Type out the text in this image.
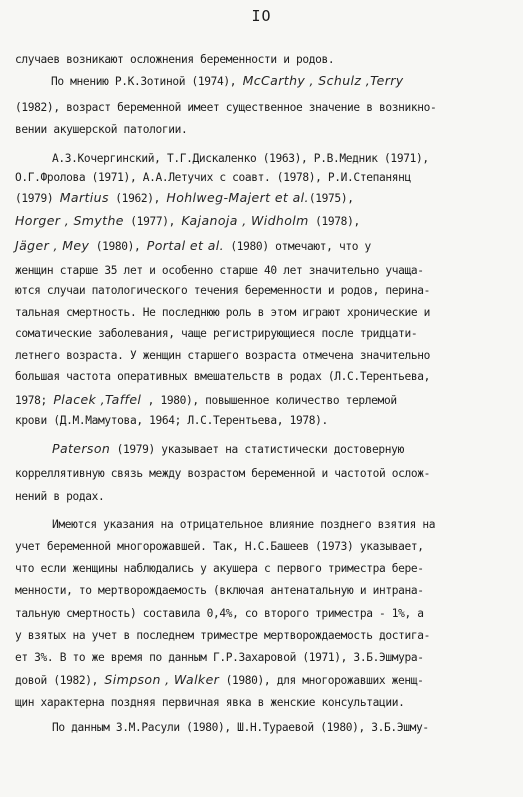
IO
случаев возникают осложнения беременности и родов.
По мнению Р.К.Зотиной (1974), McCarthy , Schulz ,Terry
(1982), возраст беременной имеет существенное значение в возникно-
вении акушерской патологии.
А.З.Кочергинский, Т.Г.Дискаленко (1963), Р.В.Медник (1971),
О.Г.Фролова (1971), А.А.Летучих с соавт. (1978), Р.И.Степанянц
(1979) Martius (1962), Hohlweg-Majert et al.(1975),
Horger , Smythe (1977), Kajanoja , Widholm (1978),
Jäger , Mey (1980), Portal et al. (1980) отмечают, что у
женщин старше 35 лет и особенно старше 40 лет значительно учаща-
ются случаи патологического течения беременности и родов, перина-
тальная смертность. Не последнюю роль в этом играют хронические и
соматические заболевания, чаще регистрирующиеся после тридцати-
летнего возраста. У женщин старшего возраста отмечена значительно
большая частота оперативных вмешательств в родах (Л.С.Терентьева,
1978; Placek ,Taffel , 1980), повышенное количество терлемой
крови (Д.М.Мамутова, 1964; Л.С.Терентьева, 1978).
Paterson (1979) указывает на статистически достоверную
корреллятивную связь между возрастом беременной и частотой ослож-
нений в родах.
Имеются указания на отрицательное влияние позднего взятия на
учет беременной многорожавшей. Так, Н.С.Башеев (1973) указывает,
что если женщины наблюдались у акушера с первого триместра бере-
менности, то мертворождаемость (включая антенатальную и интрана-
тальную смертность) составила 0,4%, со второго триместра - 1%, а
у взятых на учет в последнем триместре мертворождаемость достига-
ет 3%. В то же время по данным Г.Р.Захаровой (1971), З.Б.Эшмура-
довой (1982), Simpson , Walker (1980), для многорожавших женщ-
щин характерна поздняя первичная явка в женские консультации.
По данным З.М.Расули (1980), Ш.Н.Тураевой (1980), З.Б.Эшму-
